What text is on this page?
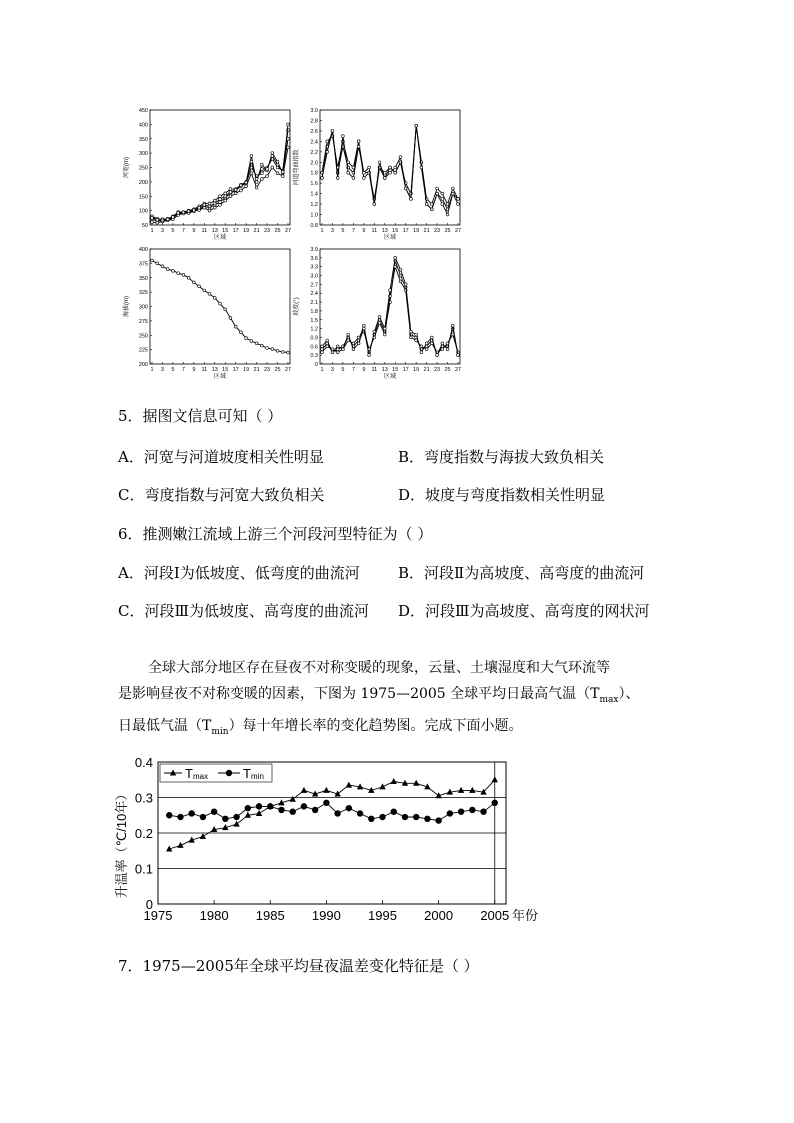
450
400
350
300
250
200
150
100
50
1 3 5 7 9 11 13 15 17 19 21 23 25 27
区域
河宽(m)
3.0
2.8
2.6
2.4
2.2
2.0
1.8
1.6
1.4
1.2
1.0
0.8
1 3 5 7 9 11 13 15 17 19 21 23 25 27
区域
河道弯曲指数
400
375
350
325
300
275
250
225
200
1 3 5 7 9 11 13 15 17 19 21 23 25 27
区域
海拔(m)
3.9
3.6
3.3
3.0
2.7
2.4
2.1
1.8
1.5
1.2
0.9
0.6
0.3
0
1 3 5 7 9 11 13 15 17 19 21 23 25 27
区域
坡度(°)
5．据图文信息可知（ ）
A．河宽与河道坡度相关性明显	B．弯度指数与海拔大致负相关
C．弯度指数与河宽大致负相关	D．坡度与弯度指数相关性明显
6．推测嫩江流域上游三个河段河型特征为（ ）
A．河段Ⅰ为低坡度、低弯度的曲流河	B．河段Ⅱ为高坡度、高弯度的曲流河
C．河段Ⅲ为低坡度、高弯度的曲流河 D．河段Ⅲ为高坡度、高弯度的网状河
全球大部分地区存在昼夜不对称变暖的现象，云量、土壤湿度和大气环流等
是影响昼夜不对称变暖的因素，下图为 1975—2005 全球平均日最高气温$(T_{max})$、
日最低气温$(T_{min})$每十年增长率的变化趋势图。完成下面小题。
0
0.1
0.2
0.3
0.4
1975 1980 1985 1990 1995 2000 2005 年份
升温率（℃/10年）
T max	T min
7．1975—2005年全球平均昼夜温差变化特征是（ ）
